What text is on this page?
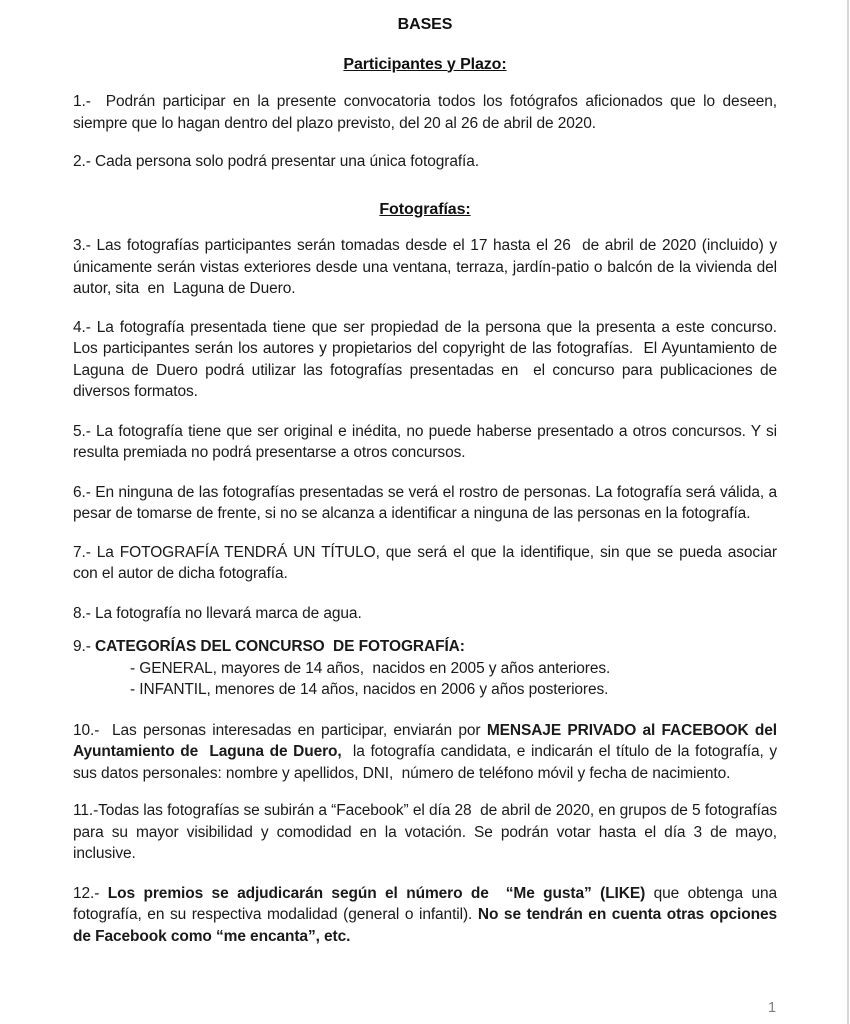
BASES
Participantes y Plazo:

1.-  Podrán participar en la presente convocatoria todos los fotógrafos aficionados que lo deseen, siempre que lo hagan dentro del plazo previsto, del 20 al 26 de abril de 2020.

2.- Cada persona solo podrá presentar una única fotografía.

Fotografías:

3.- Las fotografías participantes serán tomadas desde el 17 hasta el 26  de abril de 2020 (incluido) y únicamente serán vistas exteriores desde una ventana, terraza, jardín-patio o balcón de la vivienda del autor, sita  en  Laguna de Duero.

4.- La fotografía presentada tiene que ser propiedad de la persona que la presenta a este concurso. Los participantes serán los autores y propietarios del copyright de las fotografías.  El Ayuntamiento de Laguna de Duero podrá utilizar las fotografías presentadas en  el concurso para publicaciones de diversos formatos.

5.- La fotografía tiene que ser original e inédita, no puede haberse presentado a otros concursos. Y si resulta premiada no podrá presentarse a otros concursos.

6.- En ninguna de las fotografías presentadas se verá el rostro de personas. La fotografía será válida, a pesar de tomarse de frente, si no se alcanza a identificar a ninguna de las personas en la fotografía.

7.- La FOTOGRAFÍA TENDRÁ UN TÍTULO, que será el que la identifique, sin que se pueda asociar con el autor de dicha fotografía.

8.- La fotografía no llevará marca de agua.

9.- CATEGORÍAS DEL CONCURSO  DE FOTOGRAFÍA:

- GENERAL, mayores de 14 años,  nacidos en 2005 y años anteriores.

- INFANTIL, menores de 14 años, nacidos en 2006 y años posteriores.

10.-  Las personas interesadas en participar, enviarán por MENSAJE PRIVADO al FACEBOOK del Ayuntamiento de  Laguna de Duero,  la fotografía candidata, e indicarán el título de la fotografía, y sus datos personales: nombre y apellidos, DNI,  número de teléfono móvil y fecha de nacimiento.

11.-Todas las fotografías se subirán a “Facebook” el día 28  de abril de 2020, en grupos de 5 fotografías para su mayor visibilidad y comodidad en la votación. Se podrán votar hasta el día 3 de mayo, inclusive.

12.- Los premios se adjudicarán según el número de  “Me gusta” (LIKE) que obtenga una fotografía, en su respectiva modalidad (general o infantil). No se tendrán en cuenta otras opciones de Facebook como “me encanta”, etc.

1
